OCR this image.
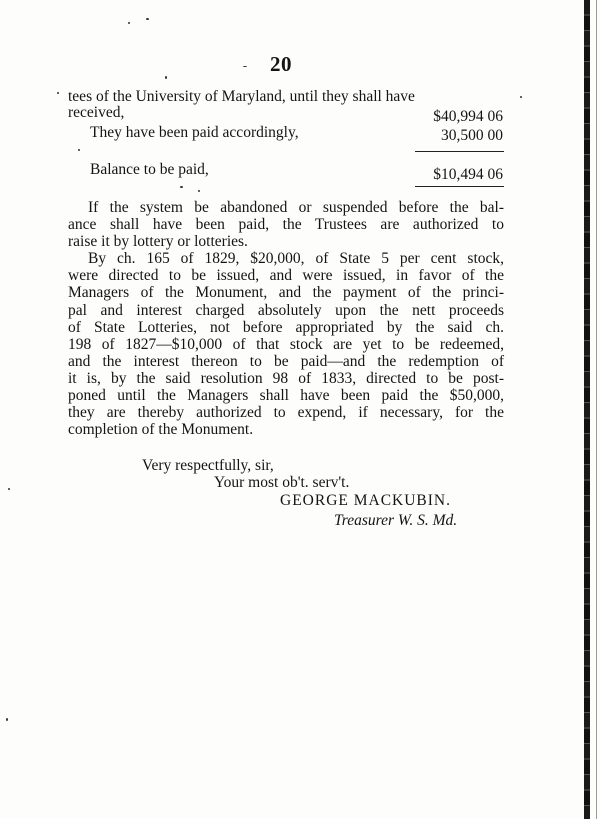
20
tees of the University of Maryland, until they shall have
received,	$40,994 06
They have been paid accordingly,	30,500 00
Balance to be paid,	$10,494 06
If the system be abandoned or suspended before the bal-
ance shall have been paid, the Trustees are authorized to
raise it by lottery or lotteries.
By ch. 165 of 1829, $20,000, of State 5 per cent stock,
were directed to be issued, and were issued, in favor of the
Managers of the Monument, and the payment of the princi-
pal and interest charged absolutely upon the nett proceeds
of State Lotteries, not before appropriated by the said ch.
198 of 1827—$10,000 of that stock are yet to be redeemed,
and the interest thereon to be paid—and the redemption of
it is, by the said resolution 98 of 1833, directed to be post-
poned until the Managers shall have been paid the $50,000,
they are thereby authorized to expend, if necessary, for the
completion of the Monument.
Very respectfully, sir,
Your most ob't. serv't.
GEORGE MACKUBIN.
Treasurer W. S. Md.
